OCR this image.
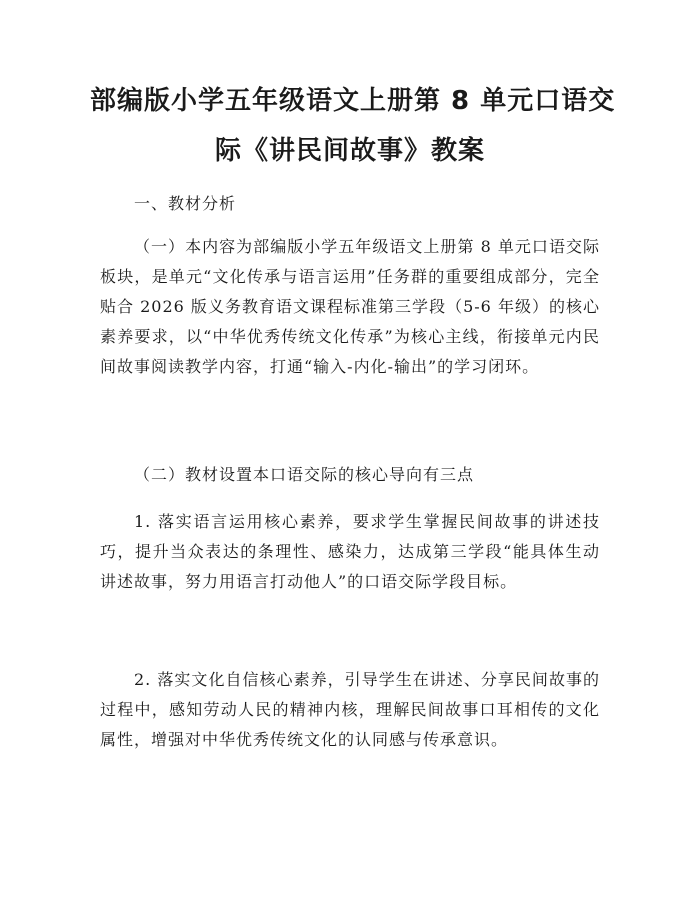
部编版小学五年级语文上册第 8 单元口语交
际《讲民间故事》教案
一、教材分析
（一）本内容为部编版小学五年级语文上册第 8 单元口语交际板块，是单元“文化传承与语言运用”任务群的重要组成部分，完全贴合 2026 版义务教育语文课程标准第三学段（5-6 年级）的核心素养要求，以“中华优秀传统文化传承”为核心主线，衔接单元内民间故事阅读教学内容，打通“输入-内化-输出”的学习闭环。
（二）教材设置本口语交际的核心导向有三点
1. 落实语言运用核心素养，要求学生掌握民间故事的讲述技巧，提升当众表达的条理性、感染力，达成第三学段“能具体生动讲述故事，努力用语言打动他人”的口语交际学段目标。
2. 落实文化自信核心素养，引导学生在讲述、分享民间故事的过程中，感知劳动人民的精神内核，理解民间故事口耳相传的文化属性，增强对中华优秀传统文化的认同感与传承意识。
